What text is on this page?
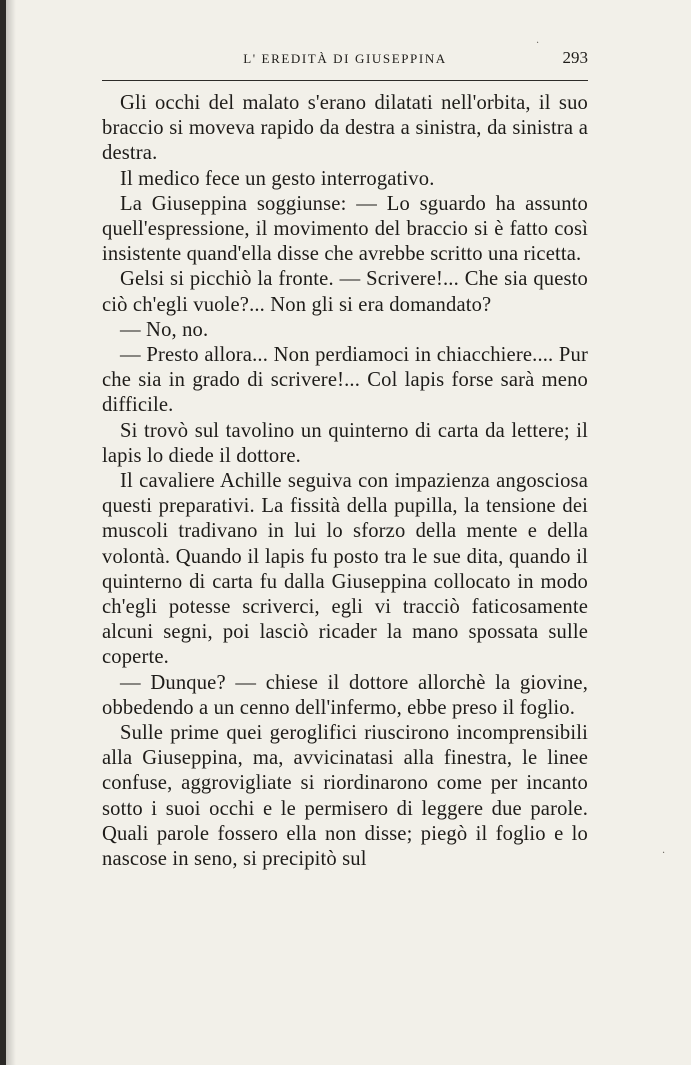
L' EREDITÀ DI GIUSEPPINA	293

Gli occhi del malato s'erano dilatati nell'orbita, il suo braccio si moveva rapido da destra a sinistra, da sinistra a destra.

Il medico fece un gesto interrogativo.

La Giuseppina soggiunse: — Lo sguardo ha assunto quell'espressione, il movimento del braccio si è fatto così insistente quand'ella disse che avrebbe scritto una ricetta.

Gelsi si picchiò la fronte. — Scrivere!... Che sia questo ciò ch'egli vuole?... Non gli si era domandato?

— No, no.

— Presto allora... Non perdiamoci in chiacchiere.... Pur che sia in grado di scrivere!... Col lapis forse sarà meno difficile.

Si trovò sul tavolino un quinterno di carta da lettere; il lapis lo diede il dottore.

Il cavaliere Achille seguiva con impazienza angosciosa questi preparativi. La fissità della pupilla, la tensione dei muscoli tradivano in lui lo sforzo della mente e della volontà. Quando il lapis fu posto tra le sue dita, quando il quinterno di carta fu dalla Giuseppina collocato in modo ch'egli potesse scriverci, egli vi tracciò faticosamente alcuni segni, poi lasciò ricader la mano spossata sulle coperte.

— Dunque? — chiese il dottore allorchè la giovine, obbedendo a un cenno dell'infermo, ebbe preso il foglio.

Sulle prime quei geroglifici riuscirono incomprensibili alla Giuseppina, ma, avvicinatasi alla finestra, le linee confuse, aggrovigliate si riordinarono come per incanto sotto i suoi occhi e le permisero di leggere due parole. Quali parole fossero ella non disse; piegò il foglio e lo nascose in seno, si precipitò sul

·
·
